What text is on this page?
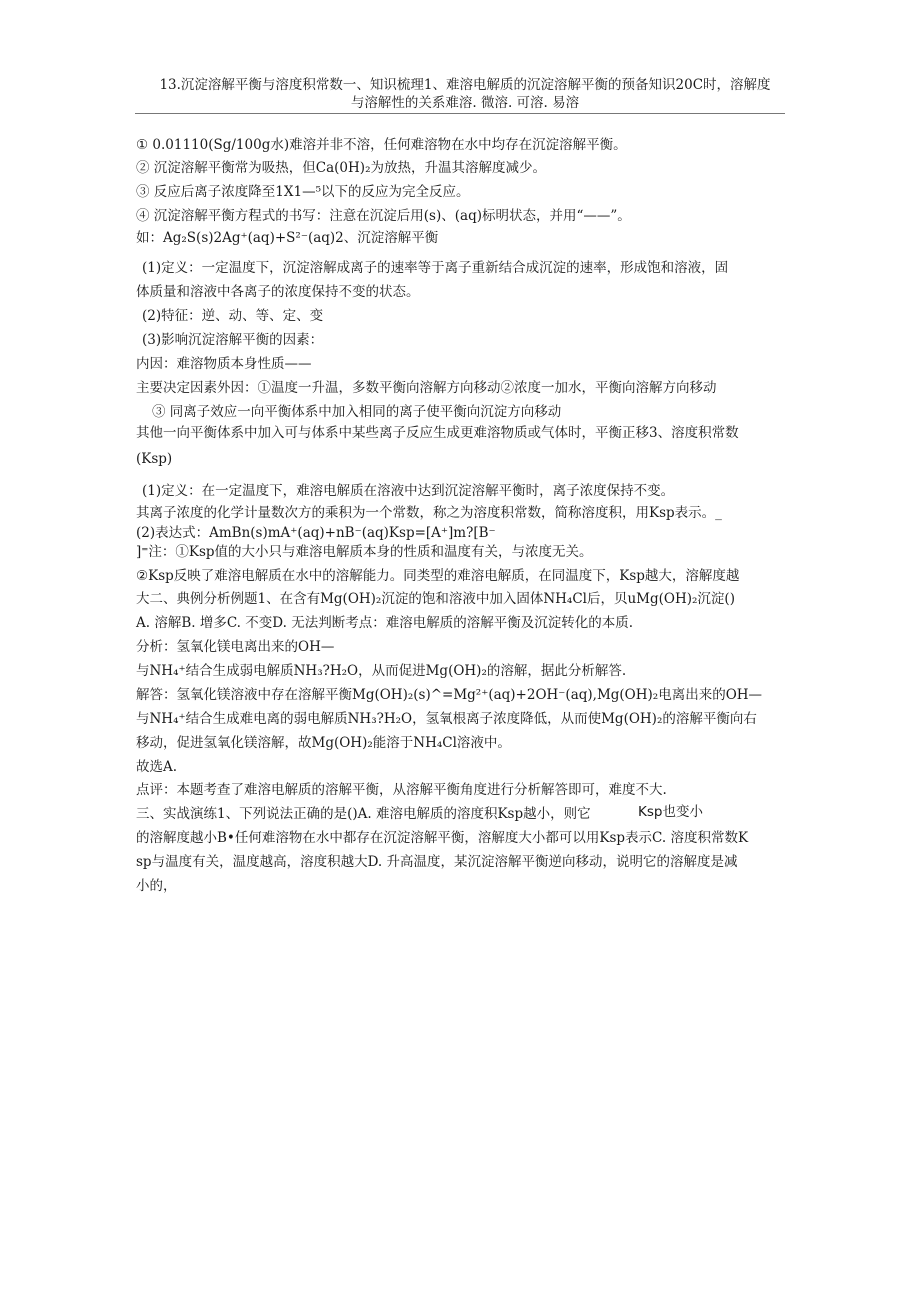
13.沉淀溶解平衡与溶度积常数一、知识梳理1、难溶电解质的沉淀溶解平衡的预备知识20C时，溶解度
与溶解性的关系难溶. 微溶. 可溶. 易溶
① 0.01110(Sg/100g水)难溶并非不溶，任何难溶物在水中均存在沉淀溶解平衡。
② 沉淀溶解平衡常为吸热，但Ca(0H)₂为放热，升温其溶解度减少。
③ 反应后离子浓度降至1X1—⁵以下的反应为完全反应。
④ 沉淀溶解平衡方程式的书写：注意在沉淀后用(s)、(aq)标明状态，并用“——”。
如：Ag₂S(s)2Ag⁺(aq)+S²⁻(aq)2、沉淀溶解平衡
(1)定义：一定温度下，沉淀溶解成离子的速率等于离子重新结合成沉淀的速率，形成饱和溶液，固
体质量和溶液中各离子的浓度保持不变的状态。
(2)特征：逆、动、等、定、变
(3)影响沉淀溶解平衡的因素：
内因：难溶物质本身性质——
主要决定因素外因：①温度一升温，多数平衡向溶解方向移动②浓度一加水，平衡向溶解方向移动
③ 同离子效应一向平衡体系中加入相同的离子使平衡向沉淀方向移动
其他一向平衡体系中加入可与体系中某些离子反应生成更难溶物质或气体时，平衡正移3、溶度积常数
(Ksp)
(1)定义：在一定温度下，难溶电解质在溶液中达到沉淀溶解平衡时，离子浓度保持不变。
其离子浓度的化学计量数次方的乘积为一个常数，称之为溶度积常数，简称溶度积，用Ksp表示。_
(2)表达式：AmBn(s)mA⁺(aq)+nB⁻(aq)Ksp=[A⁺]m?[B⁻
]⁼注：①Ksp值的大小只与难溶电解质本身的性质和温度有关，与浓度无关。
②Ksp反映了难溶电解质在水中的溶解能力。同类型的难溶电解质，在同温度下，Ksp越大，溶解度越
大二、典例分析例题1、在含有Mg(OH)₂沉淀的饱和溶液中加入固体NH₄Cl后，贝uMg(OH)₂沉淀()
A. 溶解B. 增多C. 不变D. 无法判断考点：难溶电解质的溶解平衡及沉淀转化的本质.
分析：氢氧化镁电离出来的OH—
与NH₄⁺结合生成弱电解质NH₃?H₂O，从而促进Mg(OH)₂的溶解，据此分析解答.
解答：氢氧化镁溶液中存在溶解平衡Mg(OH)₂(s)^=Mg²⁺(aq)+2OH⁻(aq),Mg(OH)₂电离出来的OH—
与NH₄⁺结合生成难电离的弱电解质NH₃?H₂O，氢氧根离子浓度降低，从而使Mg(OH)₂的溶解平衡向右
移动，促进氢氧化镁溶解，故Mg(OH)₂能溶于NH₄Cl溶液中。
故选A.
点评：本题考查了难溶电解质的溶解平衡，从溶解平衡角度进行分析解答即可，难度不大.
三、实战演练1、下列说法正确的是()A. 难溶电解质的溶度积Ksp越小，则它	Ksp也变小
的溶解度越小B•任何难溶物在水中都存在沉淀溶解平衡，溶解度大小都可以用Ksp表示C. 溶度积常数K
sp与温度有关，温度越高，溶度积越大D. 升高温度，某沉淀溶解平衡逆向移动，说明它的溶解度是减
小的，
